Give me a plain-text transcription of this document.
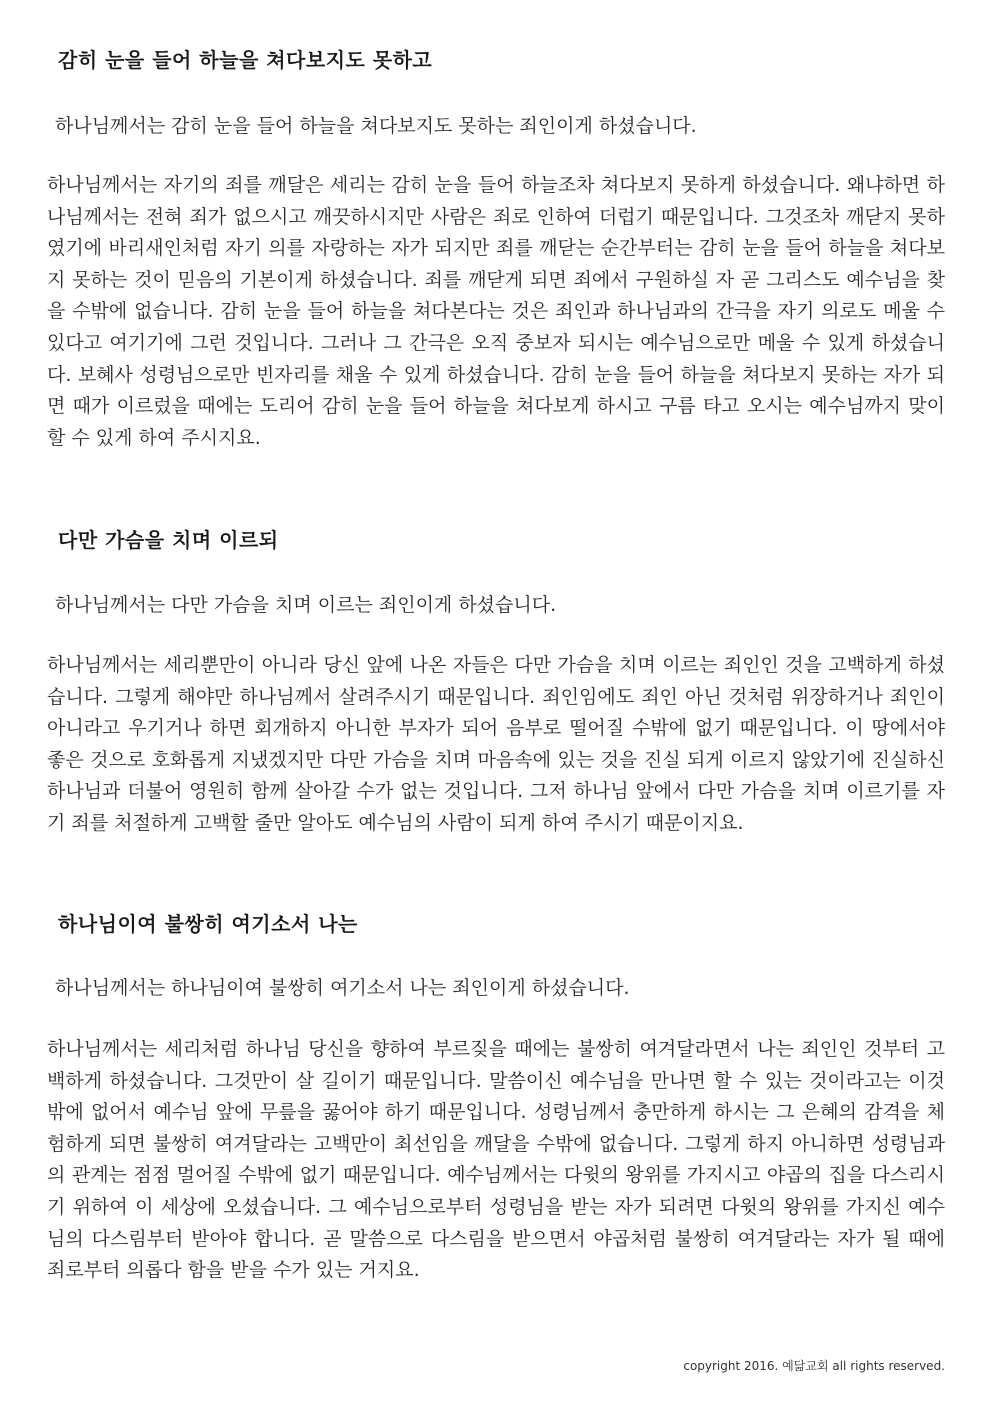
감히 눈을 들어 하늘을 쳐다보지도 못하고
하나님께서는 감히 눈을 들어 하늘을 쳐다보지도 못하는 죄인이게 하셨습니다.

하나님께서는 자기의 죄를 깨달은 세리는 감히 눈을 들어 하늘조차 쳐다보지 못하게 하셨습니다. 왜냐하면 하나님께서는 전혀 죄가 없으시고 깨끗하시지만 사람은 죄로 인하여 더럽기 때문입니다. 그것조차 깨닫지 못하였기에 바리새인처럼 자기 의를 자랑하는 자가 되지만 죄를 깨닫는 순간부터는 감히 눈을 들어 하늘을 쳐다보지 못하는 것이 믿음의 기본이게 하셨습니다. 죄를 깨닫게 되면 죄에서 구원하실 자 곧 그리스도 예수님을 찾을 수밖에 없습니다. 감히 눈을 들어 하늘을 쳐다본다는 것은 죄인과 하나님과의 간극을 자기 의로도 메울 수 있다고 여기기에 그런 것입니다. 그러나 그 간극은 오직 중보자 되시는 예수님으로만 메울 수 있게 하셨습니다. 보혜사 성령님으로만 빈자리를 채울 수 있게 하셨습니다. 감히 눈을 들어 하늘을 쳐다보지 못하는 자가 되면 때가 이르렀을 때에는 도리어 감히 눈을 들어 하늘을 쳐다보게 하시고 구름 타고 오시는 예수님까지 맞이할 수 있게 하여 주시지요.

다만 가슴을 치며 이르되
하나님께서는 다만 가슴을 치며 이르는 죄인이게 하셨습니다.

하나님께서는 세리뿐만이 아니라 당신 앞에 나온 자들은 다만 가슴을 치며 이르는 죄인인 것을 고백하게 하셨습니다. 그렇게 해야만 하나님께서 살려주시기 때문입니다. 죄인임에도 죄인 아닌 것처럼 위장하거나 죄인이 아니라고 우기거나 하면 회개하지 아니한 부자가 되어 음부로 떨어질 수밖에 없기 때문입니다. 이 땅에서야 좋은 것으로 호화롭게 지냈겠지만 다만 가슴을 치며 마음속에 있는 것을 진실 되게 이르지 않았기에 진실하신 하나님과 더불어 영원히 함께 살아갈 수가 없는 것입니다. 그저 하나님 앞에서 다만 가슴을 치며 이르기를 자기 죄를 처절하게 고백할 줄만 알아도 예수님의 사람이 되게 하여 주시기 때문이지요.

하나님이여 불쌍히 여기소서 나는
하나님께서는 하나님이여 불쌍히 여기소서 나는 죄인이게 하셨습니다.

하나님께서는 세리처럼 하나님 당신을 향하여 부르짖을 때에는 불쌍히 여겨달라면서 나는 죄인인 것부터 고백하게 하셨습니다. 그것만이 살 길이기 때문입니다. 말씀이신 예수님을 만나면 할 수 있는 것이라고는 이것밖에 없어서 예수님 앞에 무릎을 꿇어야 하기 때문입니다. 성령님께서 충만하게 하시는 그 은혜의 감격을 체험하게 되면 불쌍히 여겨달라는 고백만이 최선임을 깨달을 수밖에 없습니다. 그렇게 하지 아니하면 성령님과의 관계는 점점 멀어질 수밖에 없기 때문입니다. 예수님께서는 다윗의 왕위를 가지시고 야곱의 집을 다스리시기 위하여 이 세상에 오셨습니다. 그 예수님으로부터 성령님을 받는 자가 되려면 다윗의 왕위를 가지신 예수님의 다스림부터 받아야 합니다. 곧 말씀으로 다스림을 받으면서 야곱처럼 불쌍히 여겨달라는 자가 될 때에 죄로부터 의롭다 함을 받을 수가 있는 거지요.

copyright 2016. 예닮교회 all rights reserved.
